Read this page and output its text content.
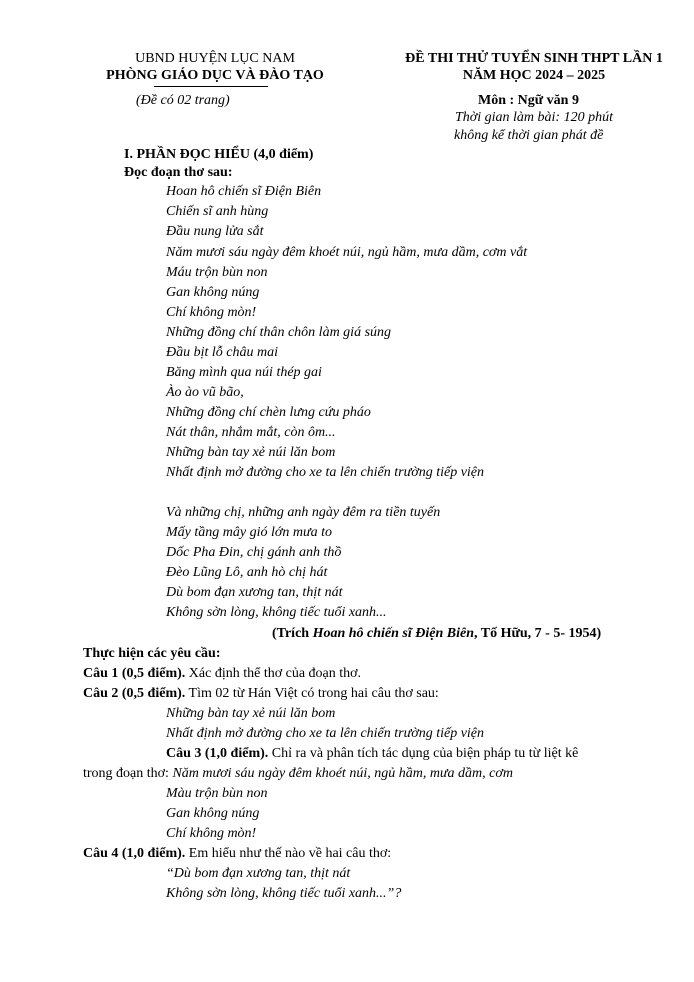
UBND HUYỆN LỤC NAM
PHÒNG GIÁO DỤC VÀ ĐÀO TẠO
(Đề có 02 trang)
ĐỀ THI THỬ TUYỂN SINH THPT LẦN 1
NĂM HỌC 2024 – 2025
Môn : Ngữ văn 9
Thời gian làm bài: 120 phút
không kể thời gian phát đề
I. PHẦN ĐỌC HIỂU (4,0 điểm)
Đọc đoạn thơ sau:
Hoan hô chiến sĩ Điện Biên
Chiến sĩ anh hùng
Đầu nung lửa sắt
Năm mươi sáu ngày đêm khoét núi, ngủ hầm, mưa dầm, cơm vắt
Máu trộn bùn non
Gan không núng
Chí không mòn!
Những đồng chí thân chôn làm giá súng
Đầu bịt lỗ châu mai
Băng mình qua núi thép gai
Ào ào vũ bão,
Những đồng chí chèn lưng cứu pháo
Nát thân, nhắm mắt, còn ôm...
Những bàn tay xẻ núi lăn bom
Nhất định mở đường cho xe ta lên chiến trường tiếp viện
Và những chị, những anh ngày đêm ra tiền tuyến
Mấy tầng mây gió lớn mưa to
Dốc Pha Đin, chị gánh anh thồ
Đèo Lũng Lô, anh hò chị hát
Dù bom đạn xương tan, thịt nát
Không sờn lòng, không tiếc tuổi xanh...
(Trích Hoan hô chiến sĩ Điện Biên, Tố Hữu, 7 - 5- 1954)
Thực hiện các yêu cầu:
Câu 1 (0,5 điểm). Xác định thể thơ của đoạn thơ.
Câu 2 (0,5 điểm). Tìm 02 từ Hán Việt có trong hai câu thơ sau:
Những bàn tay xẻ núi lăn bom
Nhất định mở đường cho xe ta lên chiến trường tiếp viện
Câu 3 (1,0 điểm). Chỉ ra và phân tích tác dụng của biện pháp tu từ liệt kê
trong đoạn thơ: Năm mươi sáu ngày đêm khoét núi, ngủ hầm, mưa dầm, cơm
Màu trộn bùn non
Gan không núng
Chí không mòn!
Câu 4 (1,0 điểm). Em hiểu như thế nào về hai câu thơ:
“Dù bom đạn xương tan, thịt nát
Không sờn lòng, không tiếc tuổi xanh...”?
